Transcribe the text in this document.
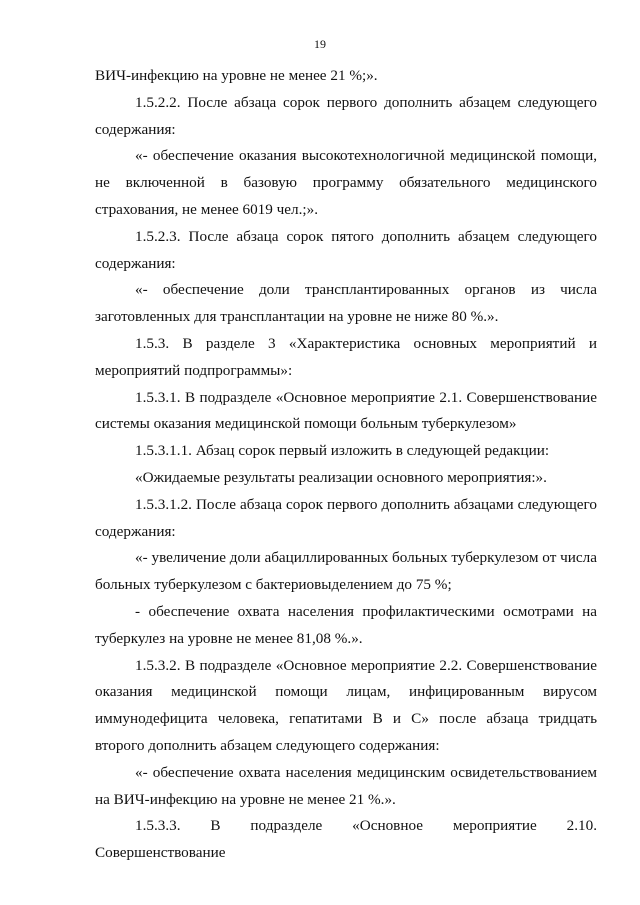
19

ВИЧ-инфекцию на уровне не менее 21 %;».

1.5.2.2. После абзаца сорок первого дополнить абзацем следующего содержания:

«- обеспечение оказания высокотехнологичной медицинской помощи, не включенной в базовую программу обязательного медицинского страхования, не менее 6019 чел.;».

1.5.2.3. После абзаца сорок пятого дополнить абзацем следующего содержания:

«- обеспечение доли трансплантированных органов из числа заготовленных для трансплантации на уровне не ниже 80 %.».

1.5.3. В разделе 3 «Характеристика основных мероприятий и мероприятий подпрограммы»:

1.5.3.1. В подразделе «Основное мероприятие 2.1. Совершенствование системы оказания медицинской помощи больным туберкулезом»

1.5.3.1.1. Абзац сорок первый изложить в следующей редакции:

«Ожидаемые результаты реализации основного мероприятия:».

1.5.3.1.2. После абзаца сорок первого дополнить абзацами следующего содержания:

«- увеличение доли абациллированных больных туберкулезом от числа больных туберкулезом с бактериовыделением до 75 %;

- обеспечение охвата населения профилактическими осмотрами на туберкулез на уровне не менее 81,08 %.».

1.5.3.2. В подразделе «Основное мероприятие 2.2. Совершенствование оказания медицинской помощи лицам, инфицированным вирусом иммунодефицита человека, гепатитами В и С» после абзаца тридцать второго дополнить абзацем следующего содержания:

«- обеспечение охвата населения медицинским освидетельствованием на ВИЧ-инфекцию на уровне не менее 21 %.».

1.5.3.3. В подразделе «Основное мероприятие 2.10. Совершенствование
